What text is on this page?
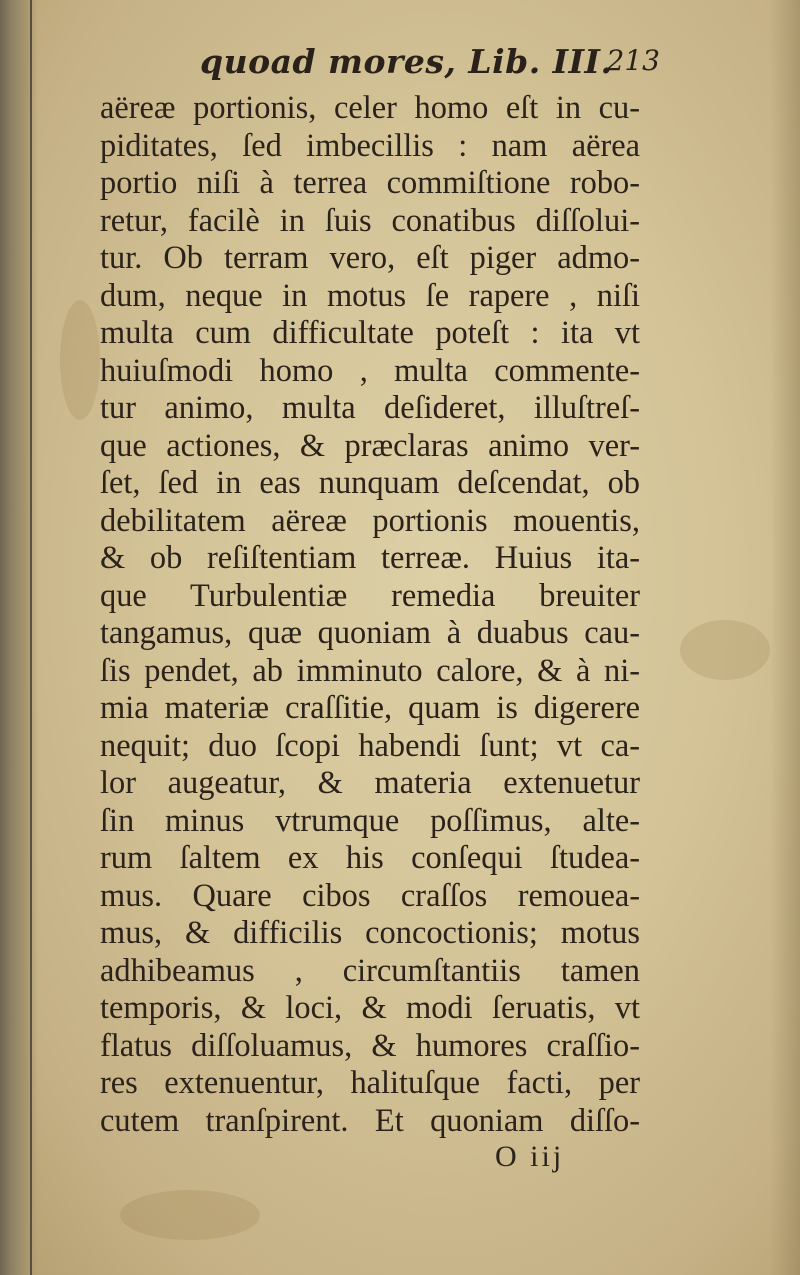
quoad mores, Lib. III.
213
aëreæ portionis, celer homo eſt in cu-
piditates, ſed imbecillis : nam aërea
portio niſi à terrea commiſtione robo-
retur, facilè in ſuis conatibus diſſolui-
tur. Ob terram vero, eſt piger admo-
dum, neque in motus ſe rapere , niſi
multa cum difficultate poteſt : ita vt
huiuſmodi homo , multa commente-
tur animo, multa deſideret, illuſtreſ-
que actiones, & præclaras animo ver-
ſet, ſed in eas nunquam deſcendat, ob
debilitatem aëreæ portionis mouentis,
& ob reſiſtentiam terreæ. Huius ita-
que Turbulentiæ remedia breuiter
tangamus, quæ quoniam à duabus cau-
ſis pendet, ab imminuto calore, & à ni-
mia materiæ craſſitie, quam is digerere
nequit; duo ſcopi habendi ſunt; vt ca-
lor augeatur, & materia extenuetur
ſin minus vtrumque poſſimus, alte-
rum ſaltem ex his conſequi ſtudea-
mus. Quare cibos craſſos remouea-
mus, & difficilis concoctionis; motus
adhibeamus , circumſtantiis tamen
temporis, & loci, & modi ſeruatis, vt
flatus diſſoluamus, & humores craſſio-
res extenuentur, halituſque facti, per
cutem tranſpirent. Et quoniam diſſo-
O iij
